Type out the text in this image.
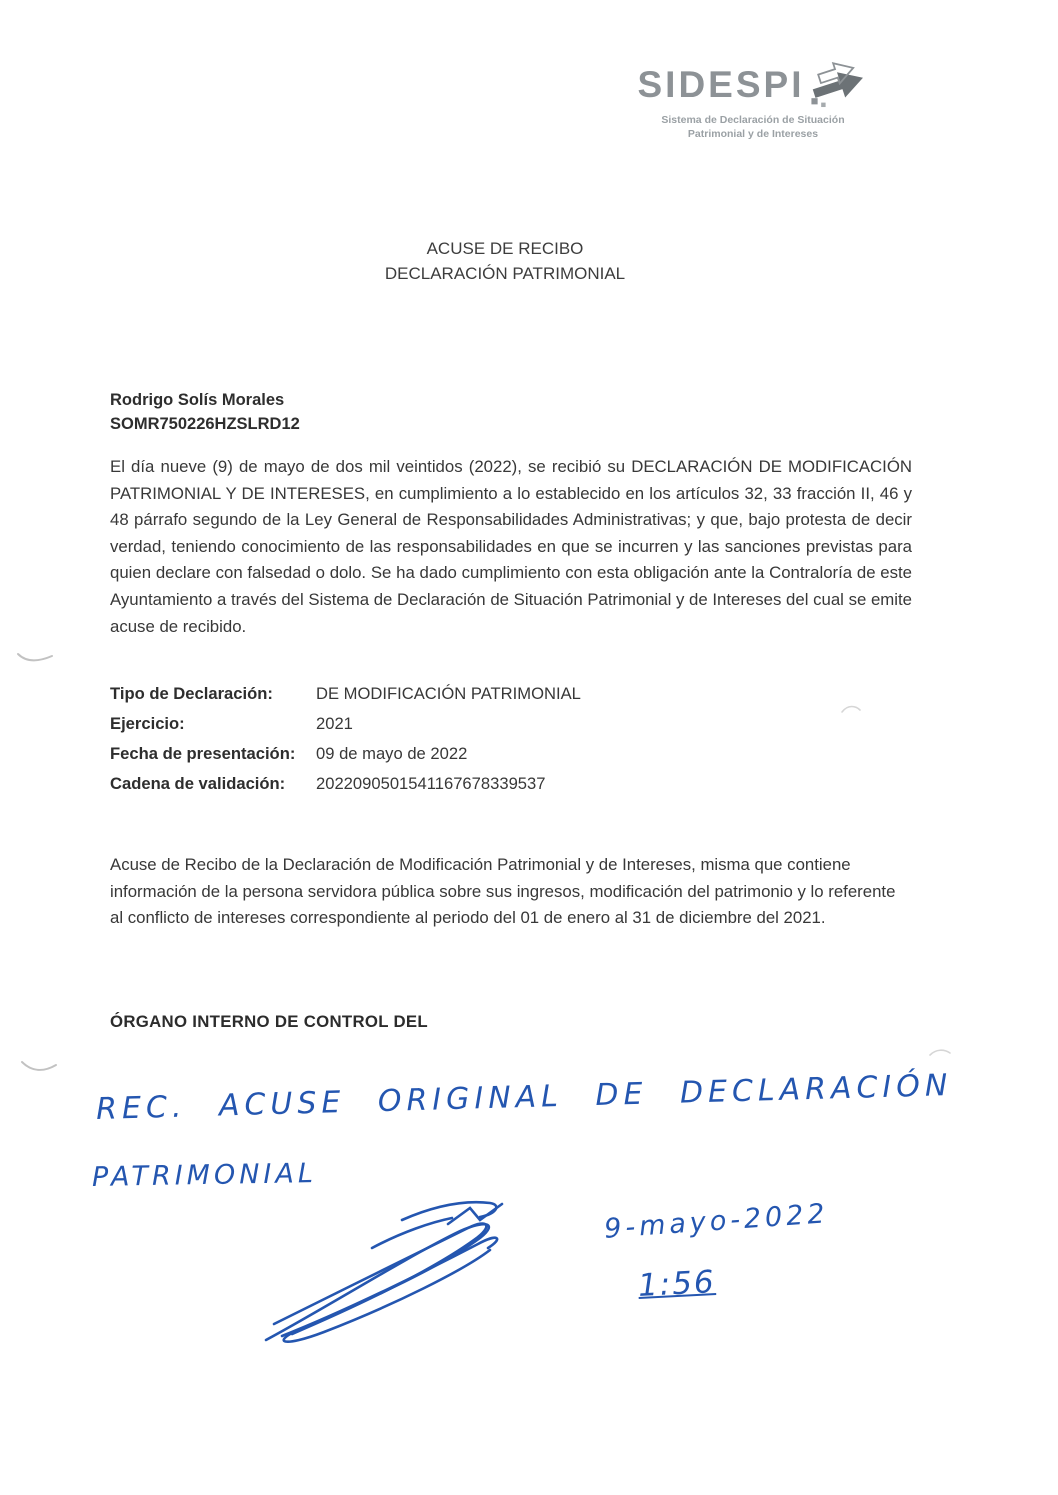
SIDESPI
Sistema de Declaración de Situación
Patrimonial y de Intereses
ACUSE DE RECIBO
DECLARACIÓN PATRIMONIAL
Rodrigo Solís Morales
SOMR750226HZSLRD12

El día nueve (9) de mayo de dos mil veintidos (2022), se recibió su DECLARACIÓN DE MODIFICACIÓN PATRIMONIAL Y DE INTERESES, en cumplimiento a lo establecido en los artículos 32, 33 fracción II, 46 y 48 párrafo segundo de la Ley General de Responsabilidades Administrativas; y que, bajo protesta de decir verdad, teniendo conocimiento de las responsabilidades en que se incurren y las sanciones previstas para quien declare con falsedad o dolo. Se ha dado cumplimiento con esta obligación ante la Contraloría de este Ayuntamiento a través del Sistema de Declaración de Situación Patrimonial y de Intereses del cual se emite acuse de recibido.

Tipo de Declaración:	DE MODIFICACIÓN PATRIMONIAL
Ejercicio:	2021
Fecha de presentación:	09 de mayo de 2022
Cadena de validación:	2022090501541167678339537

Acuse de Recibo de la Declaración de Modificación Patrimonial y de Intereses, misma que contiene información de la persona servidora pública sobre sus ingresos, modificación del patrimonio y lo referente al conflicto de intereses correspondiente al periodo del 01 de enero al 31 de diciembre del 2021.

ÓRGANO INTERNO DE CONTROL DEL
REC. ACUSE ORIGINAL DE DECLARACIÓN
PATRIMONIAL
9-mayo-2022
1:56
